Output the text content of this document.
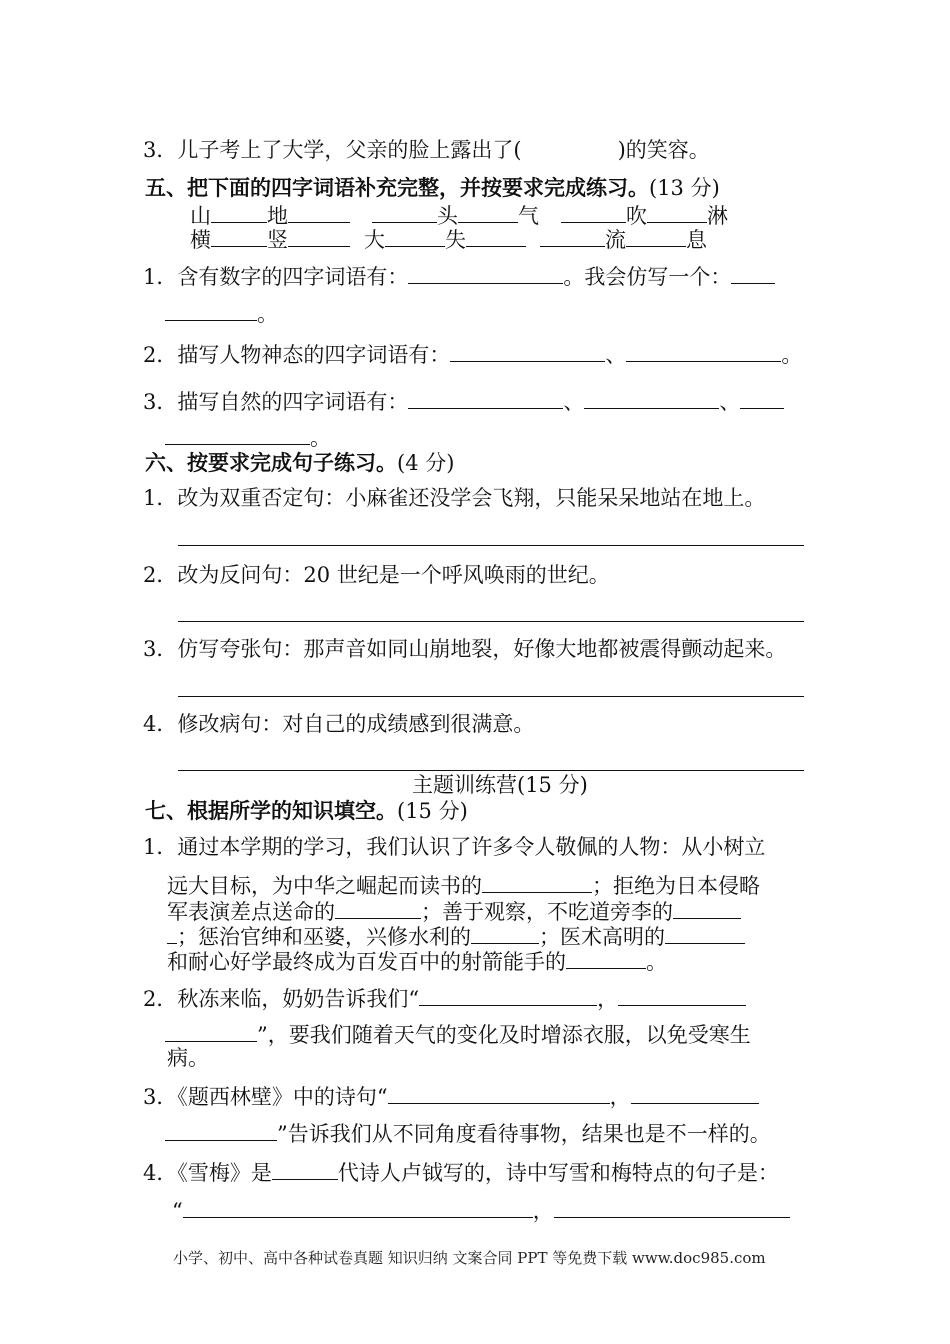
3．儿子考上了大学，父亲的脸上露出了(	)的笑容。
五、把下面的四字词语补充完整，并按要求完成练习。(13 分)
山	地	头	气	吹	淋
横	竖	大	失	流	息
1．含有数字的四字词语有：	。我会仿写一个：
。
2．描写人物神态的四字词语有：	、	。
3．描写自然的四字词语有：	、	、
。
六、按要求完成句子练习。(4 分)
1．改为双重否定句：小麻雀还没学会飞翔，只能呆呆地站在地上。
2．改为反问句：20 世纪是一个呼风唤雨的世纪。
3．仿写夸张句：那声音如同山崩地裂，好像大地都被震得颤动起来。
4．修改病句：对自己的成绩感到很满意。
主题训练营(15 分)
七、根据所学的知识填空。(15 分)
1．通过本学期的学习，我们认识了许多令人敬佩的人物：从小树立
远大目标，为中华之崛起而读书的	；拒绝为日本侵略
军表演差点送命的	；善于观察，不吃道旁李的
；惩治官绅和巫婆，兴修水利的	；医术高明的
和耐心好学最终成为百发百中的射箭能手的	。
2．秋冻来临，奶奶告诉我们“	，
”，要我们随着天气的变化及时增添衣服，以免受寒生
病。
3．《题西林壁》中的诗句“	，
”告诉我们从不同角度看待事物，结果也是不一样的。
4．《雪梅》是	代诗人卢钺写的，诗中写雪和梅特点的句子是：
“	，
小学、初中、高中各种试卷真题 知识归纳 文案合同 PPT 等免费下载 www.doc985.com
